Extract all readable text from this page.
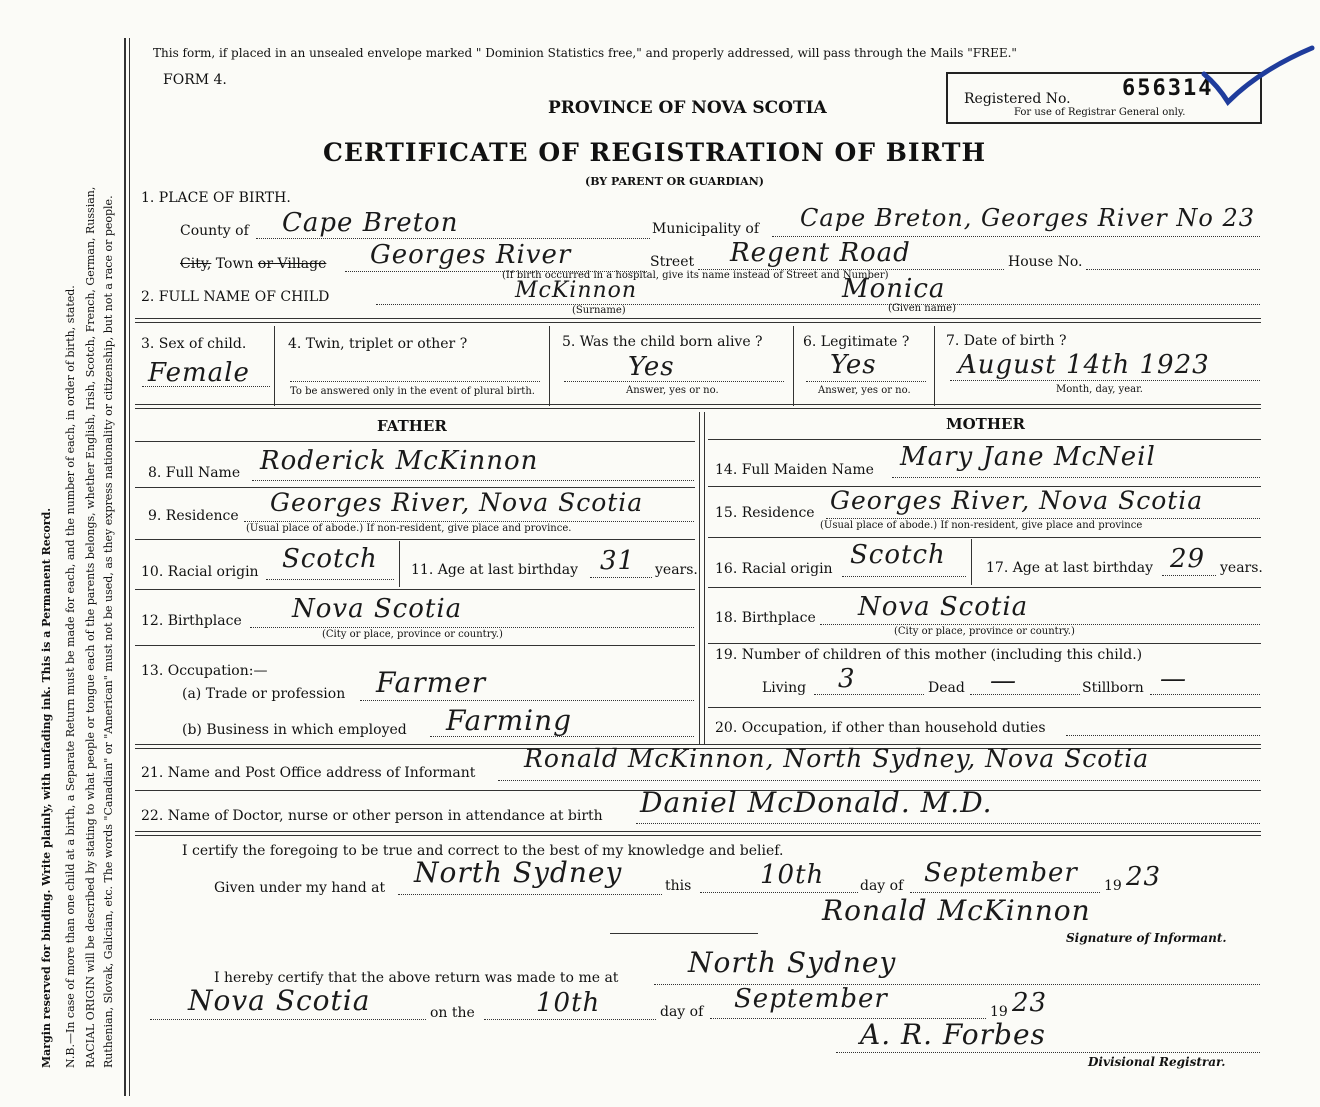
Margin reserved for binding. Write plainly, with unfading ink. This is a Permanent Record. N.B.—In case of more than one child at a birth, a Separate Return must be made for each, and the number of each, in order of birth, stated. RACIAL ORIGIN will be described by stating to what people or tongue each of the parents belongs, whether English, Irish, Scotch, French, German, Russian, Ruthenian, Slovak, Galician, etc. The words "Canadian" or "American" must not be used, as they express nationality or citizenship, but not a race or people.
This form, if placed in an unsealed envelope marked " Dominion Statistics free," and properly addressed, will pass through the Mails "FREE."
FORM 4.
PROVINCE OF NOVA SCOTIA
CERTIFICATE OF REGISTRATION OF BIRTH
(BY PARENT OR GUARDIAN)
Registered No. 656314
For use of Registrar General only.
1. PLACE OF BIRTH.
County of Cape Breton	Municipality of Cape Breton, Georges River No 23
City, Town or Village Georges River	Street Regent Road
(If birth occurred in a hospital, give its name instead of Street and Number)
House No.
2. FULL NAME OF CHILD	McKinnon	Monica
(Surname)	(Given name)
3. Sex of child.
Female
4. Twin, triplet or other ?
To be answered only in the event of plural birth.
5. Was the child born alive ?
Yes
Answer, yes or no.
6. Legitimate ?
Yes
Answer, yes or no.
7. Date of birth ?
August 14th 1923
Month, day, year.
FATHER
8. Full Name Roderick McKinnon
9. Residence Georges River, Nova Scotia
(Usual place of abode.) If non-resident, give place and province.
10. Racial origin Scotch 11. Age at last birthday 31 years.
12. Birthplace Nova Scotia
(City or place, province or country.)
13. Occupation:—
(a) Trade or profession Farmer
(b) Business in which employed Farming
MOTHER
14. Full Maiden Name Mary Jane McNeil
15. Residence Georges River, Nova Scotia
(Usual place of abode.) If non-resident, give place and province
16. Racial origin Scotch	17. Age at last birthday 29 years.
18. Birthplace Nova Scotia
(City or place, province or country.)
19. Number of children of this mother (including this child.)
Living 3	Dead —	Stillborn —
20. Occupation, if other than household duties
21. Name and Post Office address of Informant Ronald McKinnon, North Sydney, Nova Scotia
22. Name of Doctor, nurse or other person in attendance at birth Daniel McDonald. M.D.
I certify the foregoing to be true and correct to the best of my knowledge and belief.
Given under my hand at North Sydney	this	10th	day of September 19 23
Ronald McKinnon
Signature of Informant.
I hereby certify that the above return was made to me at North Sydney
Nova Scotia	on the 10th	day of September	19 23
A. R. Forbes
Divisional Registrar.
